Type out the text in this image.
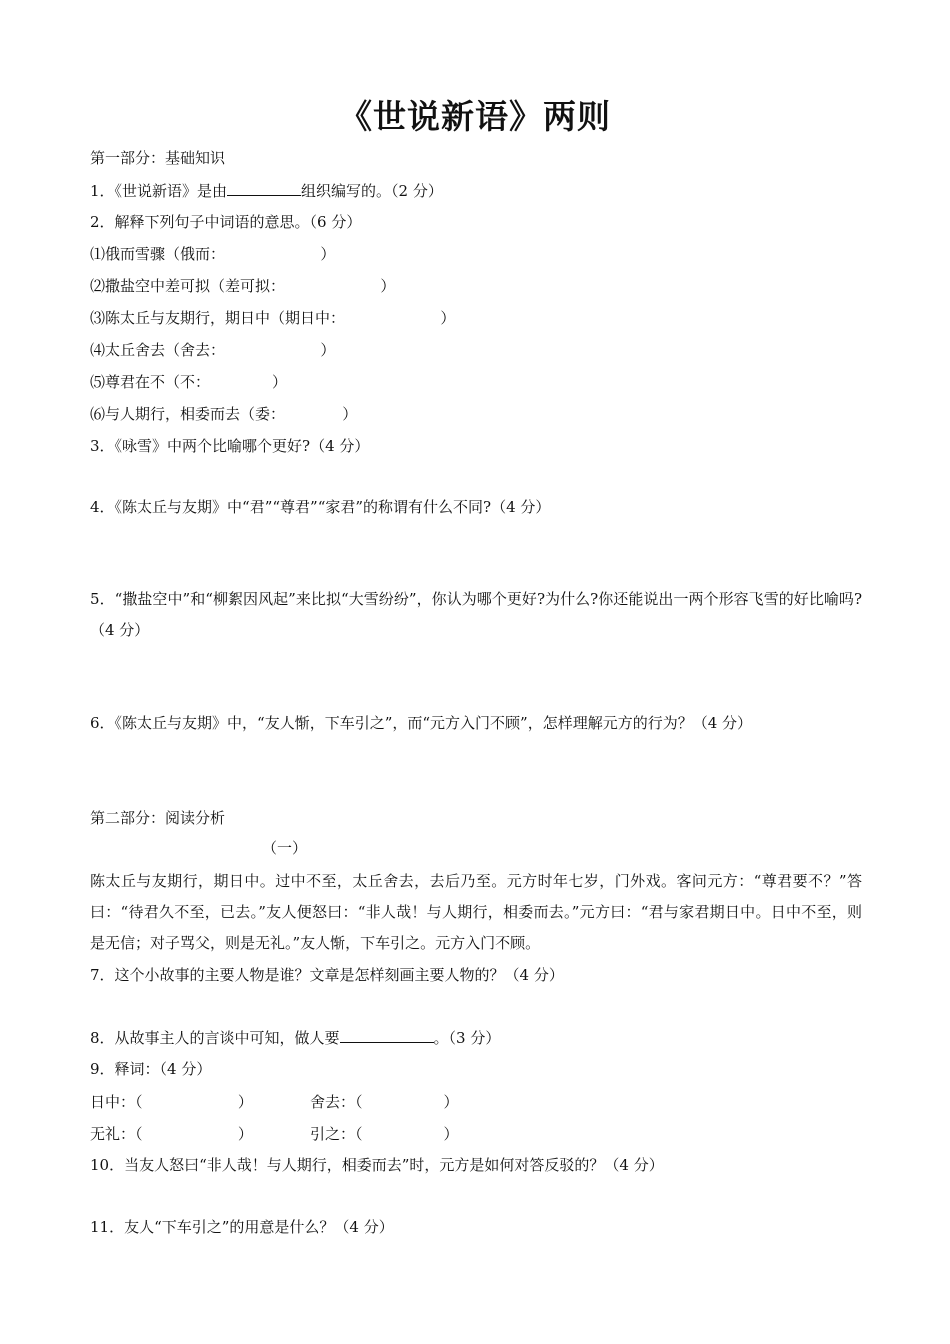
《世说新语》两则
第一部分：基础知识
1．《世说新语》是由	组织编写的。（2 分）
2．解释下列句子中词语的意思。（6 分）
⑴俄而雪骤（俄而：                    ）
⑵撒盐空中差可拟（差可拟：                    ）
⑶陈太丘与友期行，期日中（期日中：                    ）
⑷太丘舍去（舍去：                    ）
⑸尊君在不（不：             ）
⑹与人期行，相委而去（委：            ）
3．《咏雪》中两个比喻哪个更好?（4 分）
4．《陈太丘与友期》中“君”“尊君”“家君”的称谓有什么不同?（4 分）
5．“撒盐空中”和“柳絮因风起”来比拟“大雪纷纷”，你认为哪个更好?为什么?你还能说出一两个形容飞雪的好比喻吗?（4 分）
6．《陈太丘与友期》中，“友人惭，下车引之”，而“元方入门不顾”，怎样理解元方的行为？（4 分）
第二部分：阅读分析
（一）
陈太丘与友期行，期日中。过中不至，太丘舍去，去后乃至。元方时年七岁，门外戏。客问元方：“尊君要不？”答曰：“待君久不至，已去。”友人便怒曰：“非人哉！与人期行，相委而去。”元方曰：“君与家君期日中。日中不至，则是无信；对子骂父，则是无礼。”友人惭，下车引之。元方入门不顾。
7．这个小故事的主要人物是谁？文章是怎样刻画主要人物的？（4 分）
8．从故事主人的言谈中可知，做人要	。（3 分）
9．释词：（4 分）
日中：（                    ）	舍去：（                 ）
无礼：（                    ）	引之：（                 ）
10．当友人怒曰“非人哉！与人期行，相委而去”时，元方是如何对答反驳的？（4 分）
11．友人“下车引之”的用意是什么？（4 分）
